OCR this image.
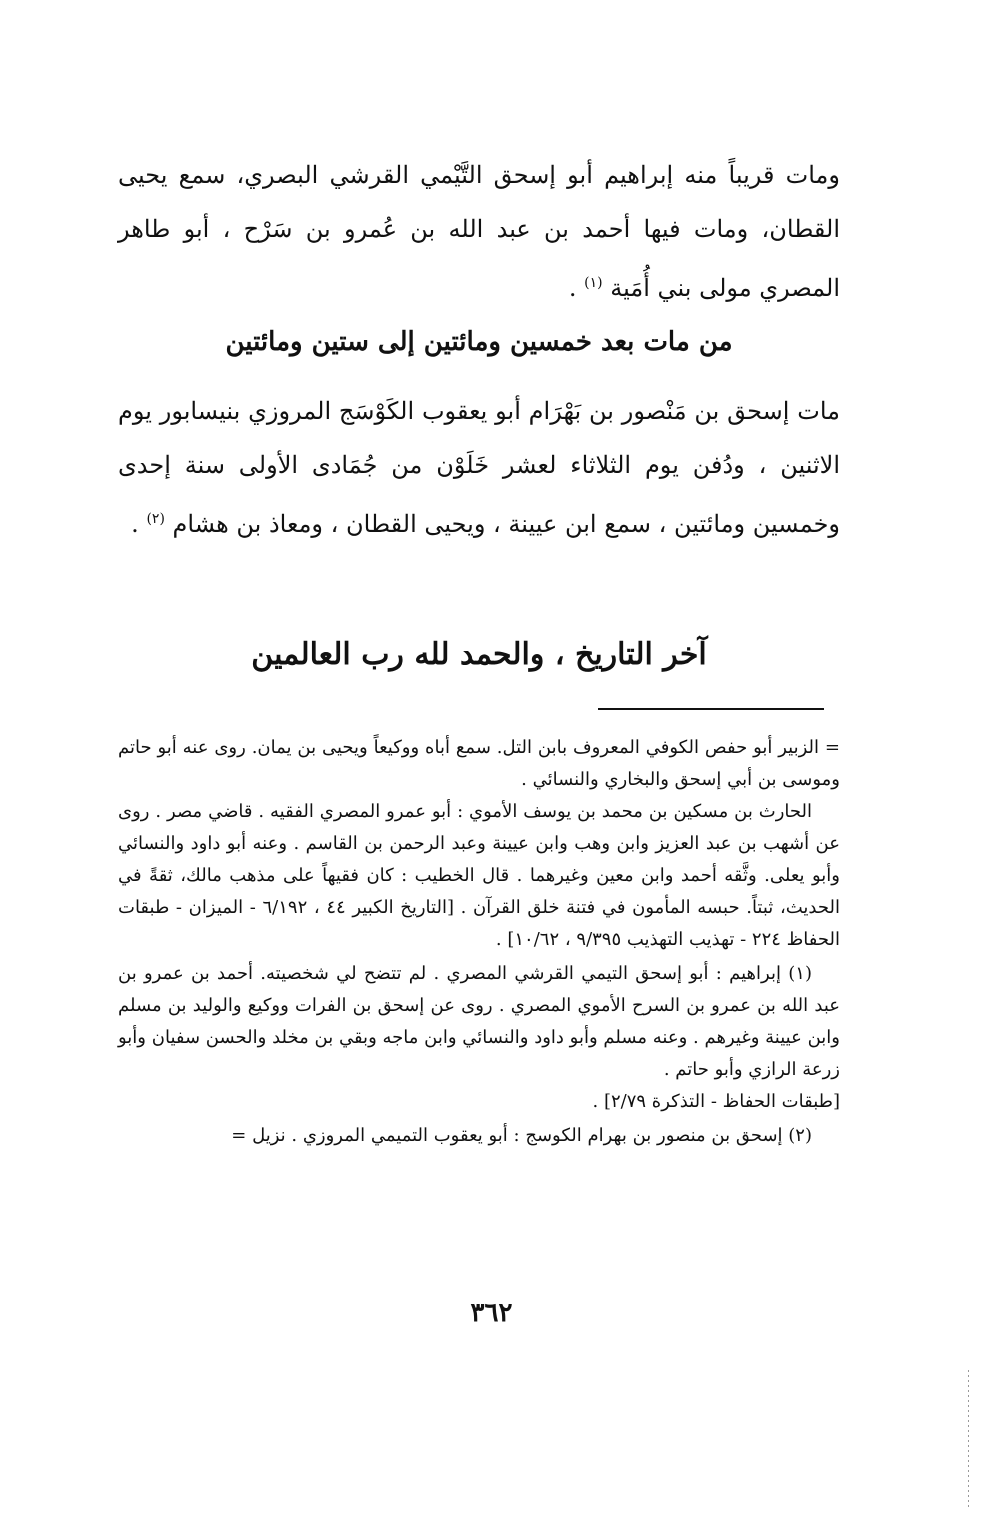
ومات قريباً منه إبراهيم أبو إسحق التَّيْمي القرشي البصري، سمع يحيى القطان، ومات فيها أحمد بن عبد الله بن عُمرو بن سَرْح ، أبو طاهر المصري مولى بني أُمَية $^{(١)}$ .
من مات بعد خمسين ومائتين إلى ستين ومائتين
مات إسحق بن مَنْصور بن بَهْرَام أبو يعقوب الكَوْسَج المروزي بنيسابور يوم الاثنين ، ودُفن يوم الثلاثاء لعشر خَلَوْن من جُمَادى الأولى سنة إحدى وخمسين ومائتين ، سمع ابن عيينة ، ويحيى القطان ، ومعاذ بن هشام $^{(٢)}$ .
آخر التاريخ ، والحمد لله رب العالمين

= الزبير أبو حفص الكوفي المعروف بابن التل. سمع أباه ووكيعاً ويحيى بن يمان. روى عنه أبو حاتم وموسى بن أبي إسحق والبخاري والنسائي .

الحارث بن مسكين بن محمد بن يوسف الأموي : أبو عمرو المصري الفقيه . قاضي مصر . روى عن أشهب بن عبد العزيز وابن وهب وابن عيينة وعبد الرحمن بن القاسم . وعنه أبو داود والنسائي وأبو يعلى. وثَّقه أحمد وابن معين وغيرهما . قال الخطيب : كان فقيهاً على مذهب مالك، ثقةً في الحديث، ثبتاً. حبسه المأمون في فتنة خلق القرآن . [التاريخ الكبير ٤٤ ، ٦/١٩٢ - الميزان - طبقات الحفاظ ٢٢٤ - تهذيب التهذيب ٩/٣٩٥ ، ١٠/٦٢] .

(١) إبراهيم : أبو إسحق التيمي القرشي المصري . لم تتضح لي شخصيته. أحمد بن عمرو بن عبد الله بن عمرو بن السرح الأموي المصري . روى عن إسحق بن الفرات ووكيع والوليد بن مسلم وابن عيينة وغيرهم . وعنه مسلم وأبو داود والنسائي وابن ماجه وبقي بن مخلد والحسن سفيان وأبو زرعة الرازي وأبو حاتم .

[طبقات الحفاظ - التذكرة ٢/٧٩] .

(٢) إسحق بن منصور بن بهرام الكوسج : أبو يعقوب التميمي المروزي . نزيل =

٣٦٢
